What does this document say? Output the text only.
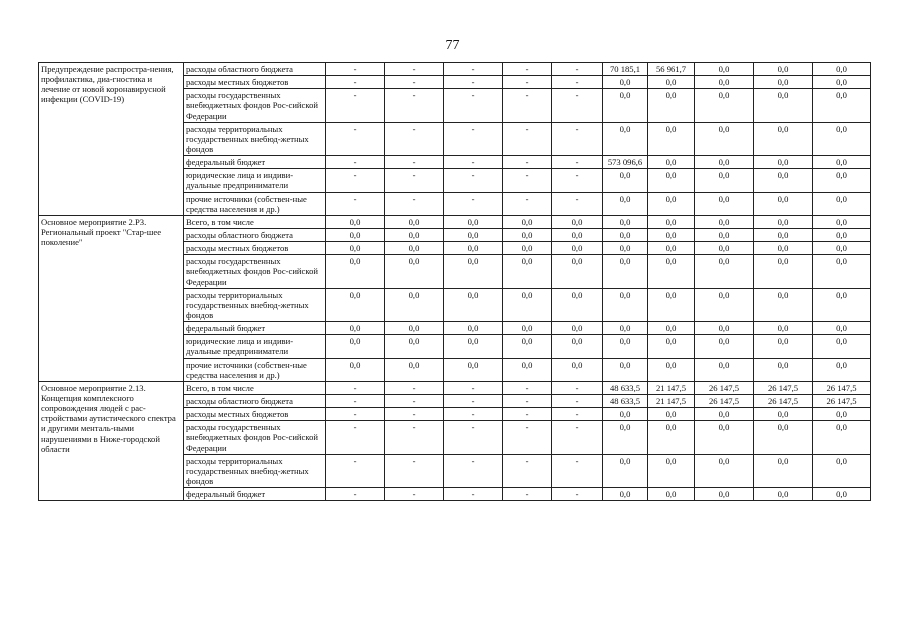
77
Предупреждение распростра-нения, профилактика, диа-гностика и лечение от новой коронавирусной инфекции (COVID-19)	расходы областного бюджета	-	-	-	-	-	70 185,1	56 961,7	0,0	0,0	0,0
	расходы местных бюджетов	-	-	-	-	-	0,0	0,0	0,0	0,0	0,0
	расходы государственных внебюджетных фондов Рос-сийской Федерации	-	-	-	-	-	0,0	0,0	0,0	0,0	0,0
	расходы территориальных государственных внебюд-жетных фондов	-	-	-	-	-	0,0	0,0	0,0	0,0	0,0
	федеральный бюджет	-	-	-	-	-	573 096,6	0,0	0,0	0,0	0,0
	юридические лица и индиви-дуальные предприниматели	-	-	-	-	-	0,0	0,0	0,0	0,0	0,0
	прочие источники (собствен-ные средства населения и др.)	-	-	-	-	-	0,0	0,0	0,0	0,0	0,0

Основное мероприятие 2.P3. Региональный проект "Стар-шее поколение"	Всего, в том числе	0,0	0,0	0,0	0,0	0,0	0,0	0,0	0,0	0,0	0,0
	расходы областного бюджета	0,0	0,0	0,0	0,0	0,0	0,0	0,0	0,0	0,0	0,0
	расходы местных бюджетов	0,0	0,0	0,0	0,0	0,0	0,0	0,0	0,0	0,0	0,0
	расходы государственных внебюджетных фондов Рос-сийской Федерации	0,0	0,0	0,0	0,0	0,0	0,0	0,0	0,0	0,0	0,0
	расходы территориальных государственных внебюд-жетных фондов	0,0	0,0	0,0	0,0	0,0	0,0	0,0	0,0	0,0	0,0
	федеральный бюджет	0,0	0,0	0,0	0,0	0,0	0,0	0,0	0,0	0,0	0,0
	юридические лица и индиви-дуальные предприниматели	0,0	0,0	0,0	0,0	0,0	0,0	0,0	0,0	0,0	0,0
	прочие источники (собствен-ные средства населения и др.)	0,0	0,0	0,0	0,0	0,0	0,0	0,0	0,0	0,0	0,0

Основное мероприятие 2.13. Концепция комплексного сопровождения людей с рас-стройствами аутистического спектра и другими менталь-ными нарушениями в Ниже-городской области	Всего, в том числе	-	-	-	-	-	48 633,5	21 147,5	26 147,5	26 147,5	26 147,5
	расходы областного бюджета	-	-	-	-	-	48 633,5	21 147,5	26 147,5	26 147,5	26 147,5
	расходы местных бюджетов	-	-	-	-	-	0,0	0,0	0,0	0,0	0,0
	расходы государственных внебюджетных фондов Рос-сийской Федерации	-	-	-	-	-	0,0	0,0	0,0	0,0	0,0
	расходы территориальных государственных внебюд-жетных фондов	-	-	-	-	-	0,0	0,0	0,0	0,0	0,0
	федеральный бюджет	-	-	-	-	-	0,0	0,0	0,0	0,0	0,0
